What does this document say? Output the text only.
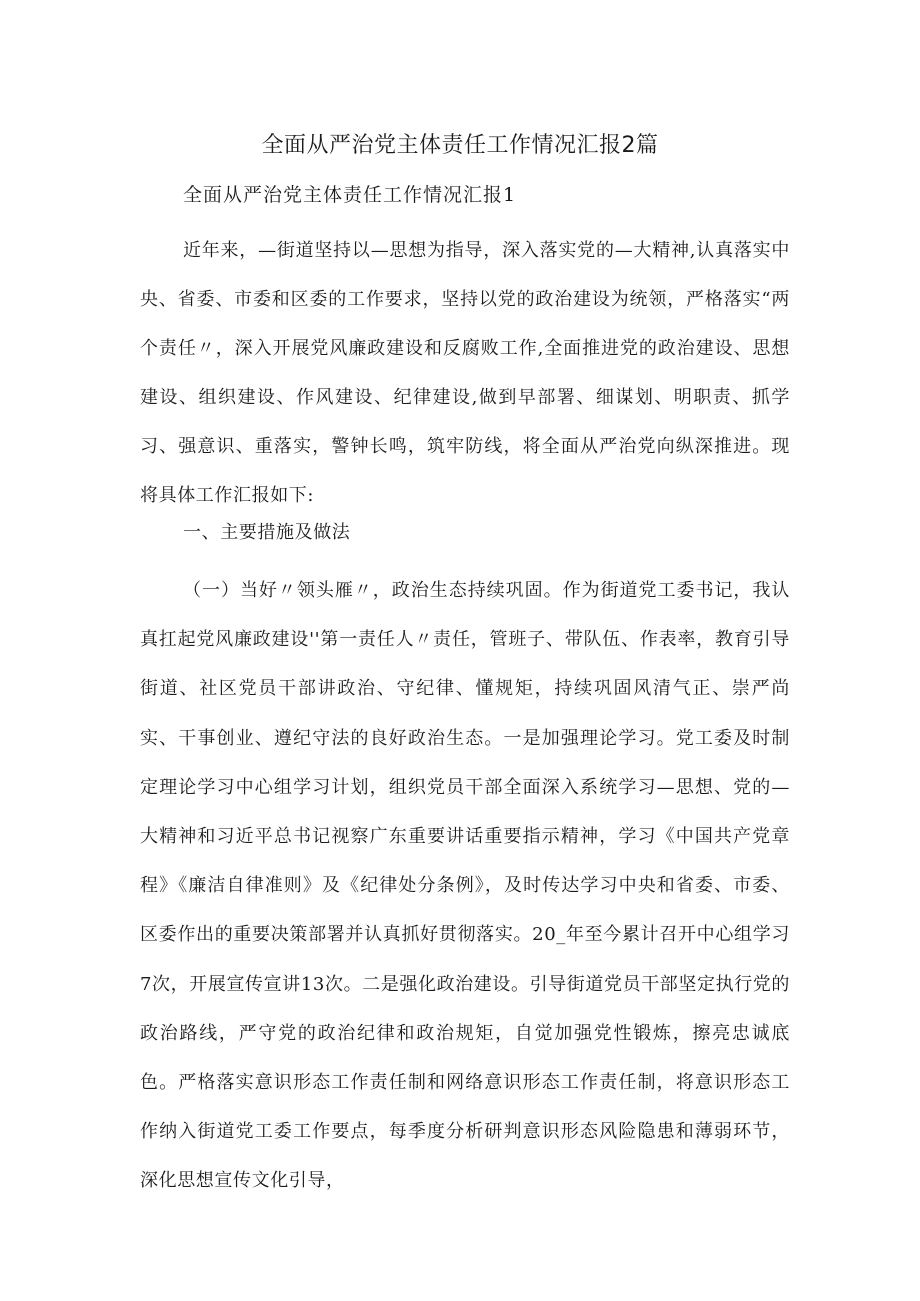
全面从严治党主体责任工作情况汇报2篇
全面从严治党主体责任工作情况汇报1

近年来，—街道坚持以—思想为指导，深入落实党的—大精神,认真落实中央、省委、市委和区委的工作要求，坚持以党的政治建设为统领，严格落实“两个责任〃，深入开展党风廉政建设和反腐败工作,全面推进党的政治建设、思想建设、组织建设、作风建设、纪律建设,做到早部署、细谋划、明职责、抓学习、强意识、重落实，警钟长鸣，筑牢防线，将全面从严治党向纵深推进。现将具体工作汇报如下:

一、主要措施及做法

（一）当好〃领头雁〃，政治生态持续巩固。作为街道党工委书记，我认真扛起党风廉政建设''第一责任人〃责任，管班子、带队伍、作表率，教育引导街道、社区党员干部讲政治、守纪律、懂规矩，持续巩固风清气正、崇严尚实、干事创业、遵纪守法的良好政治生态。一是加强理论学习。党工委及时制定理论学习中心组学习计划，组织党员干部全面深入系统学习—思想、党的—大精神和习近平总书记视察广东重要讲话重要指示精神，学习《中国共产党章程》《廉洁自律准则》及《纪律处分条例》，及时传达学习中央和省委、市委、区委作出的重要决策部署并认真抓好贯彻落实。20_年至今累计召开中心组学习7次，开展宣传宣讲13次。二是强化政治建设。引导街道党员干部坚定执行党的政治路线，严守党的政治纪律和政治规矩，自觉加强党性锻炼，擦亮忠诚底色。严格落实意识形态工作责任制和网络意识形态工作责任制，将意识形态工作纳入街道党工委工作要点，每季度分析研判意识形态风险隐患和薄弱环节，深化思想宣传文化引导，
